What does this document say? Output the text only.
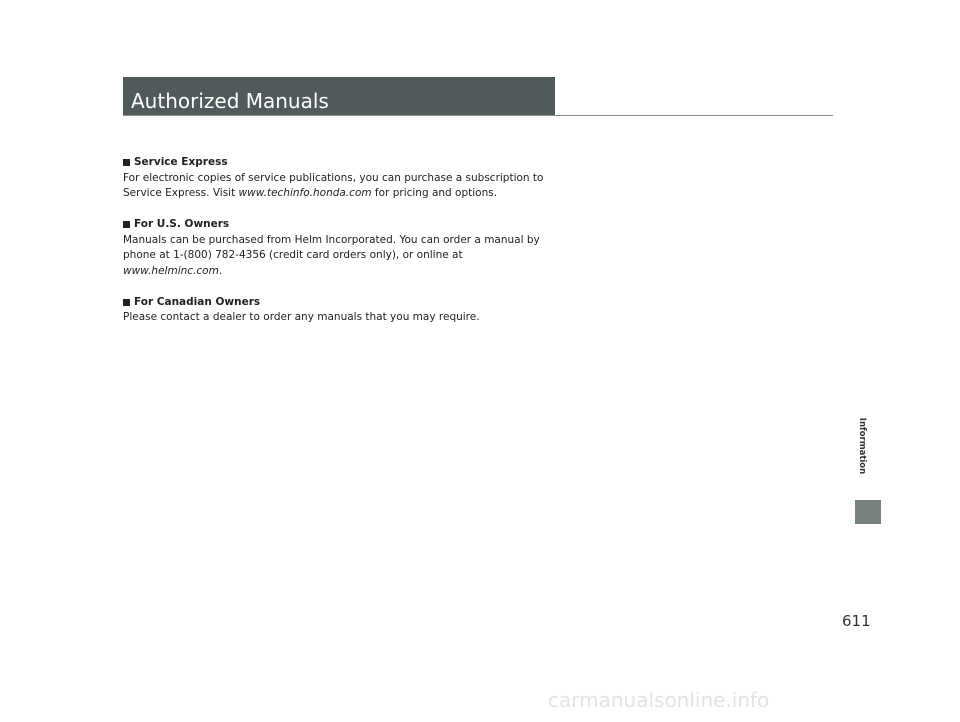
Authorized Manuals
Service Express
For electronic copies of service publications, you can purchase a subscription to
Service Express. Visit www.techinfo.honda.com for pricing and options.
For U.S. Owners
Manuals can be purchased from Helm Incorporated. You can order a manual by
phone at 1-(800) 782-4356 (credit card orders only), or online at
www.helminc.com.
For Canadian Owners
Please contact a dealer to order any manuals that you may require.
Information
611
carmanualsonline.info
